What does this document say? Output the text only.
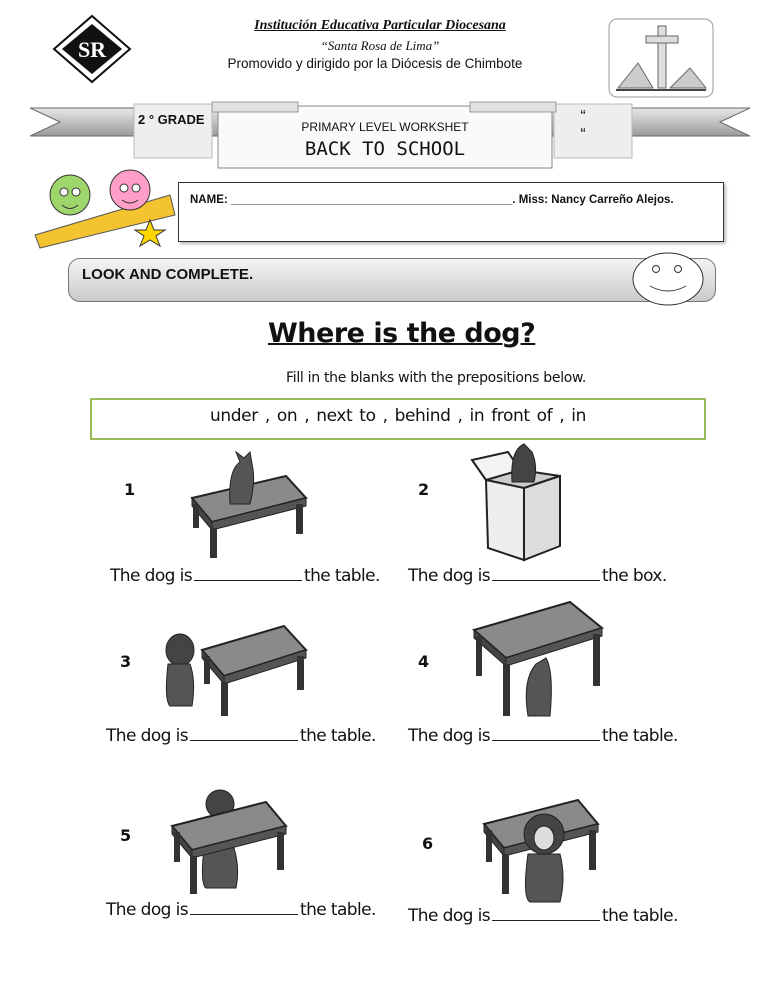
SR
Institución Educativa Particular Diocesana
“Santa Rosa de Lima”
Promovido y dirigido por la Diócesis de Chimbote
2 ° GRADE	“ “
PRIMARY LEVEL WORKSHET
BACK TO SCHOOL
NAME: ____________________________________________. Miss: Nancy Carreño Alejos.
LOOK AND COMPLETE.
Where is the dog?
Fill in the blanks with the prepositions below.
under , on , next to , behind , in front of , in
1
The dog is	the table.
2
The dog is	the box.
3
The dog is	the table.
4
The dog is	the table.
5
The dog is	the table.
6
The dog is	the table.
